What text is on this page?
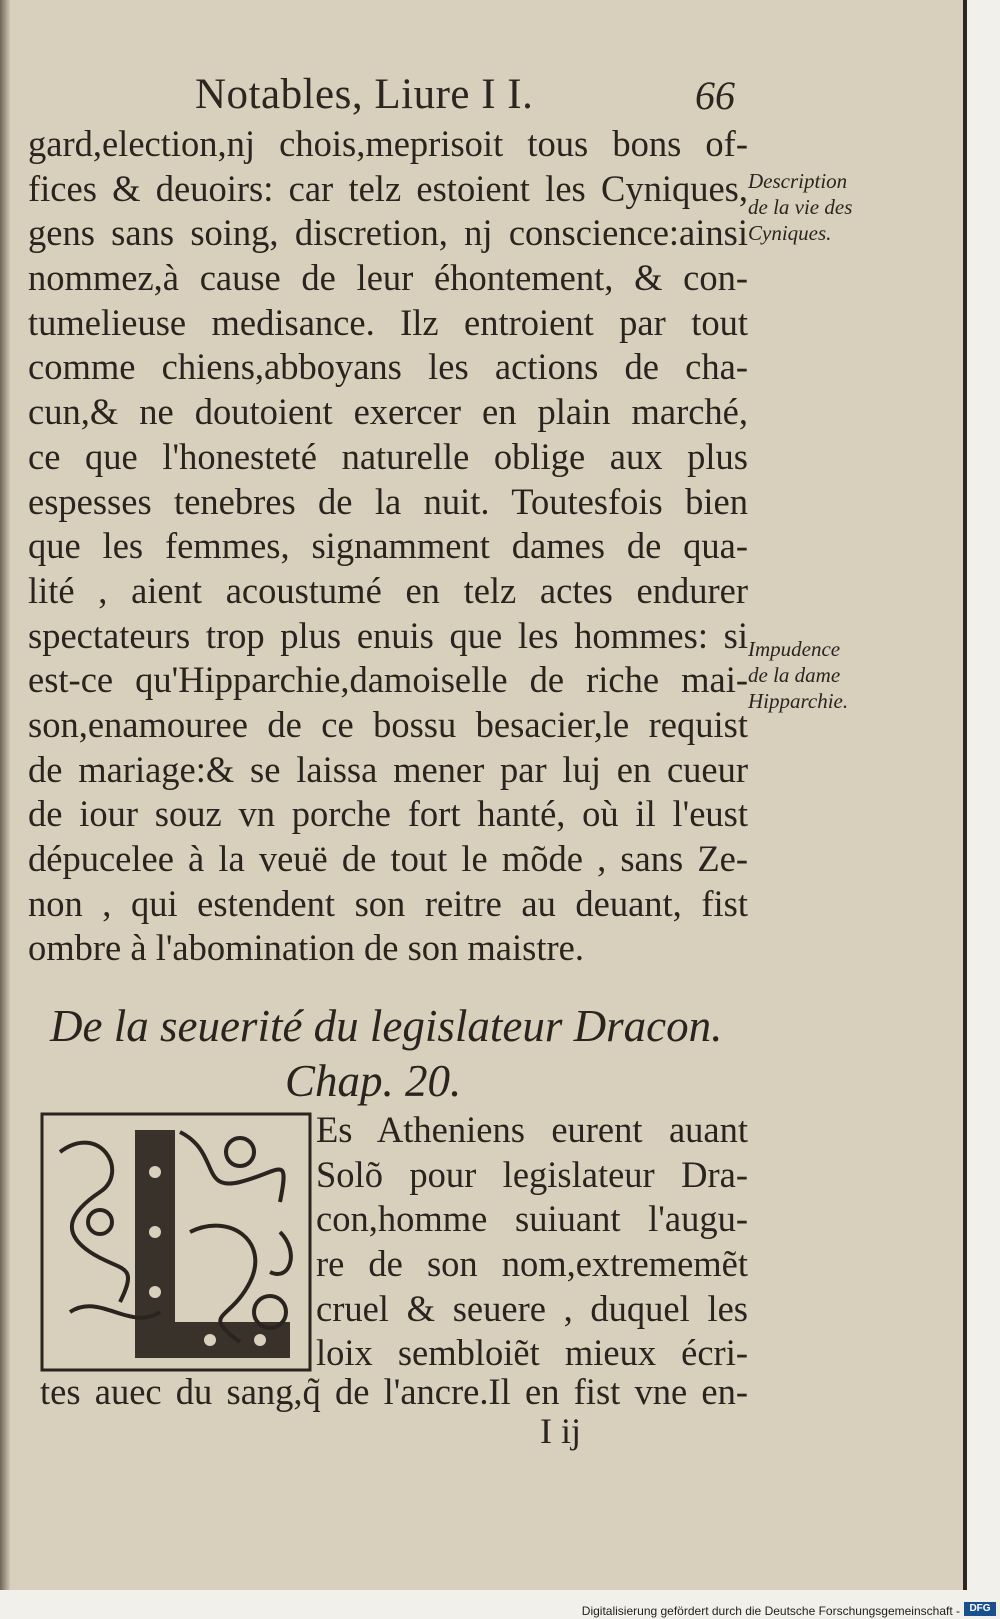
Notables, Liure I I.	66
gard,election,nj chois,meprisoit tous bons of-
fices & deuoirs: car telz estoient les Cyniques,
gens sans soing, discretion, nj conscience:ainsi
nommez,à cause de leur éhontement, & con-
tumelieuse medisance. Ilz entroient par tout
comme chiens,abboyans les actions de cha-
cun,& ne doutoient exercer en plain marché,
ce que l'honesteté naturelle oblige aux plus
espesses tenebres de la nuit. Toutesfois bien
que les femmes, signamment dames de qua-
lité , aient acoustumé en telz actes endurer
spectateurs trop plus enuis que les hommes: si
est-ce qu'Hipparchie,damoiselle de riche mai-
son,enamouree de ce bossu besacier,le requist
de mariage:& se laissa mener par luj en cueur
de iour souz vn porche fort hanté, où il l'eust
dépucelee à la veuë de tout le mõde , sans Ze-
non , qui estendent son reitre au deuant, fist
ombre à l'abomination de son maistre.
Description
de la vie des
Cyniques.
Impudence
de la dame
Hipparchie.
De la seuerité du legislateur Dracon.
Chap. 20.
Es Atheniens eurent auant
Solõ pour legislateur Dra-
con,homme suiuant l'augu-
re de son nom,extrememẽt
cruel & seuere , duquel les
loix sembloiẽt mieux écri-
tes auec du sang,q̃ de l'ancre.Il en fist vne en-
I ij
Digitalisierung gefördert durch die Deutsche Forschungsgemeinschaft - DFG
